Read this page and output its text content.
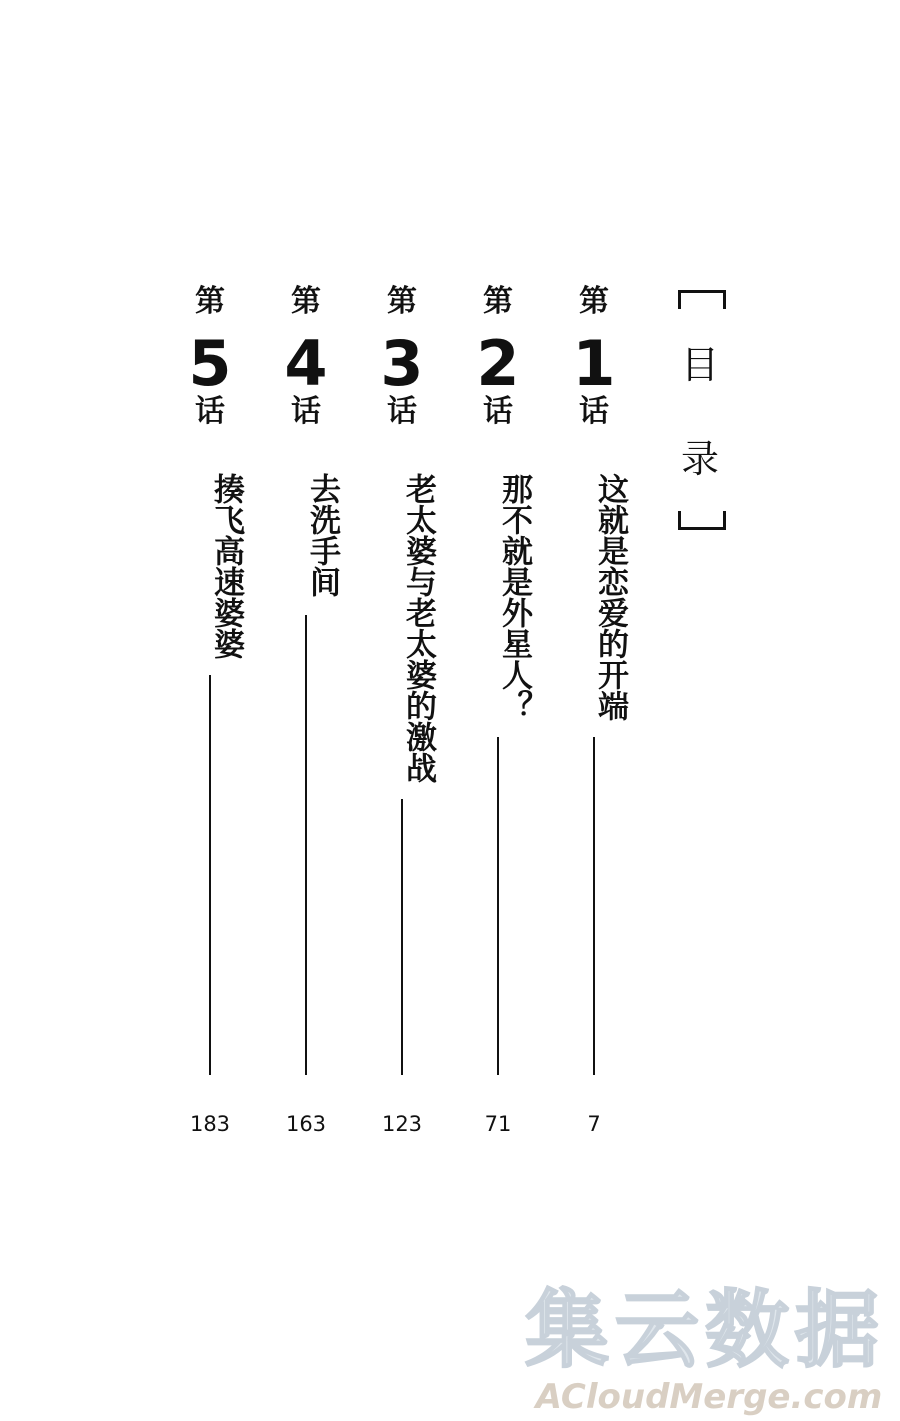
目
录
第
1
话
这就是恋爱的开端
7
第
2
话
那不就是外星人？
71
第
3
话
老太婆与老太婆的激战
123
第
4
话
去洗手间
163
第
5
话
揍飞高速婆婆
183
集云数据
ACloudMerge.com
